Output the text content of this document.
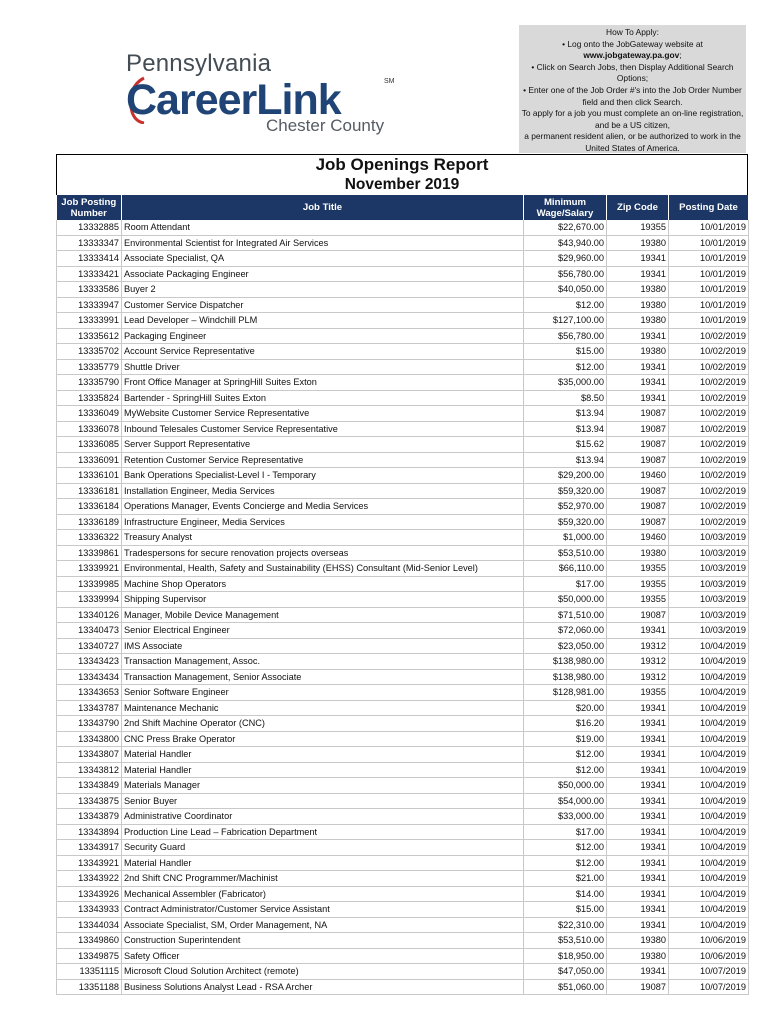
Pennsylvania
CareerLink	SM
Chester County
How To Apply:
• Log onto the JobGateway website at
www.jobgateway.pa.gov;
• Click on Search Jobs, then Display Additional Search Options;
• Enter one of the Job Order #'s into the Job Order Number field and then click Search.
To apply for a job you must complete an on-line registration, and be a US citizen,
a permanent resident alien, or be authorized to work in the United States of America.
Job Openings Report
November 2019
Job Posting Number	Job Title	Minimum Wage/Salary	Zip Code	Posting Date
13332885	Room Attendant	$22,670.00	19355	10/01/2019
13333347	Environmental Scientist for Integrated Air Services	$43,940.00	19380	10/01/2019
13333414	Associate Specialist, QA	$29,960.00	19341	10/01/2019
13333421	Associate Packaging Engineer	$56,780.00	19341	10/01/2019
13333586	Buyer 2	$40,050.00	19380	10/01/2019
13333947	Customer Service Dispatcher	$12.00	19380	10/01/2019
13333991	Lead Developer – Windchill PLM	$127,100.00	19380	10/01/2019
13335612	Packaging Engineer	$56,780.00	19341	10/02/2019
13335702	Account Service Representative	$15.00	19380	10/02/2019
13335779	Shuttle Driver	$12.00	19341	10/02/2019
13335790	Front Office Manager at SpringHill Suites Exton	$35,000.00	19341	10/02/2019
13335824	Bartender - SpringHill Suites Exton	$8.50	19341	10/02/2019
13336049	MyWebsite Customer Service Representative	$13.94	19087	10/02/2019
13336078	Inbound Telesales Customer Service Representative	$13.94	19087	10/02/2019
13336085	Server Support Representative	$15.62	19087	10/02/2019
13336091	Retention Customer Service Representative	$13.94	19087	10/02/2019
13336101	Bank Operations Specialist-Level I - Temporary	$29,200.00	19460	10/02/2019
13336181	Installation Engineer, Media Services	$59,320.00	19087	10/02/2019
13336184	Operations Manager, Events Concierge and Media Services	$52,970.00	19087	10/02/2019
13336189	Infrastructure Engineer, Media Services	$59,320.00	19087	10/02/2019
13336322	Treasury Analyst	$1,000.00	19460	10/03/2019
13339861	Tradespersons for secure renovation projects overseas	$53,510.00	19380	10/03/2019
13339921	Environmental, Health, Safety and Sustainability (EHSS) Consultant (Mid-Senior Level)	$66,110.00	19355	10/03/2019
13339985	Machine Shop Operators	$17.00	19355	10/03/2019
13339994	Shipping Supervisor	$50,000.00	19355	10/03/2019
13340126	Manager, Mobile Device Management	$71,510.00	19087	10/03/2019
13340473	Senior Electrical Engineer	$72,060.00	19341	10/03/2019
13340727	IMS Associate	$23,050.00	19312	10/04/2019
13343423	Transaction Management, Assoc.	$138,980.00	19312	10/04/2019
13343434	Transaction Management, Senior Associate	$138,980.00	19312	10/04/2019
13343653	Senior Software Engineer	$128,981.00	19355	10/04/2019
13343787	Maintenance Mechanic	$20.00	19341	10/04/2019
13343790	2nd Shift Machine Operator (CNC)	$16.20	19341	10/04/2019
13343800	CNC Press Brake Operator	$19.00	19341	10/04/2019
13343807	Material Handler	$12.00	19341	10/04/2019
13343812	Material Handler	$12.00	19341	10/04/2019
13343849	Materials Manager	$50,000.00	19341	10/04/2019
13343875	Senior Buyer	$54,000.00	19341	10/04/2019
13343879	Administrative Coordinator	$33,000.00	19341	10/04/2019
13343894	Production Line Lead – Fabrication Department	$17.00	19341	10/04/2019
13343917	Security Guard	$12.00	19341	10/04/2019
13343921	Material Handler	$12.00	19341	10/04/2019
13343922	2nd Shift CNC Programmer/Machinist	$21.00	19341	10/04/2019
13343926	Mechanical Assembler (Fabricator)	$14.00	19341	10/04/2019
13343933	Contract Administrator/Customer Service Assistant	$15.00	19341	10/04/2019
13344034	Associate Specialist, SM, Order Management, NA	$22,310.00	19341	10/04/2019
13349860	Construction Superintendent	$53,510.00	19380	10/06/2019
13349875	Safety Officer	$18,950.00	19380	10/06/2019
13351115	Microsoft Cloud Solution Architect (remote)	$47,050.00	19341	10/07/2019
13351188	Business Solutions Analyst Lead - RSA Archer	$51,060.00	19087	10/07/2019
